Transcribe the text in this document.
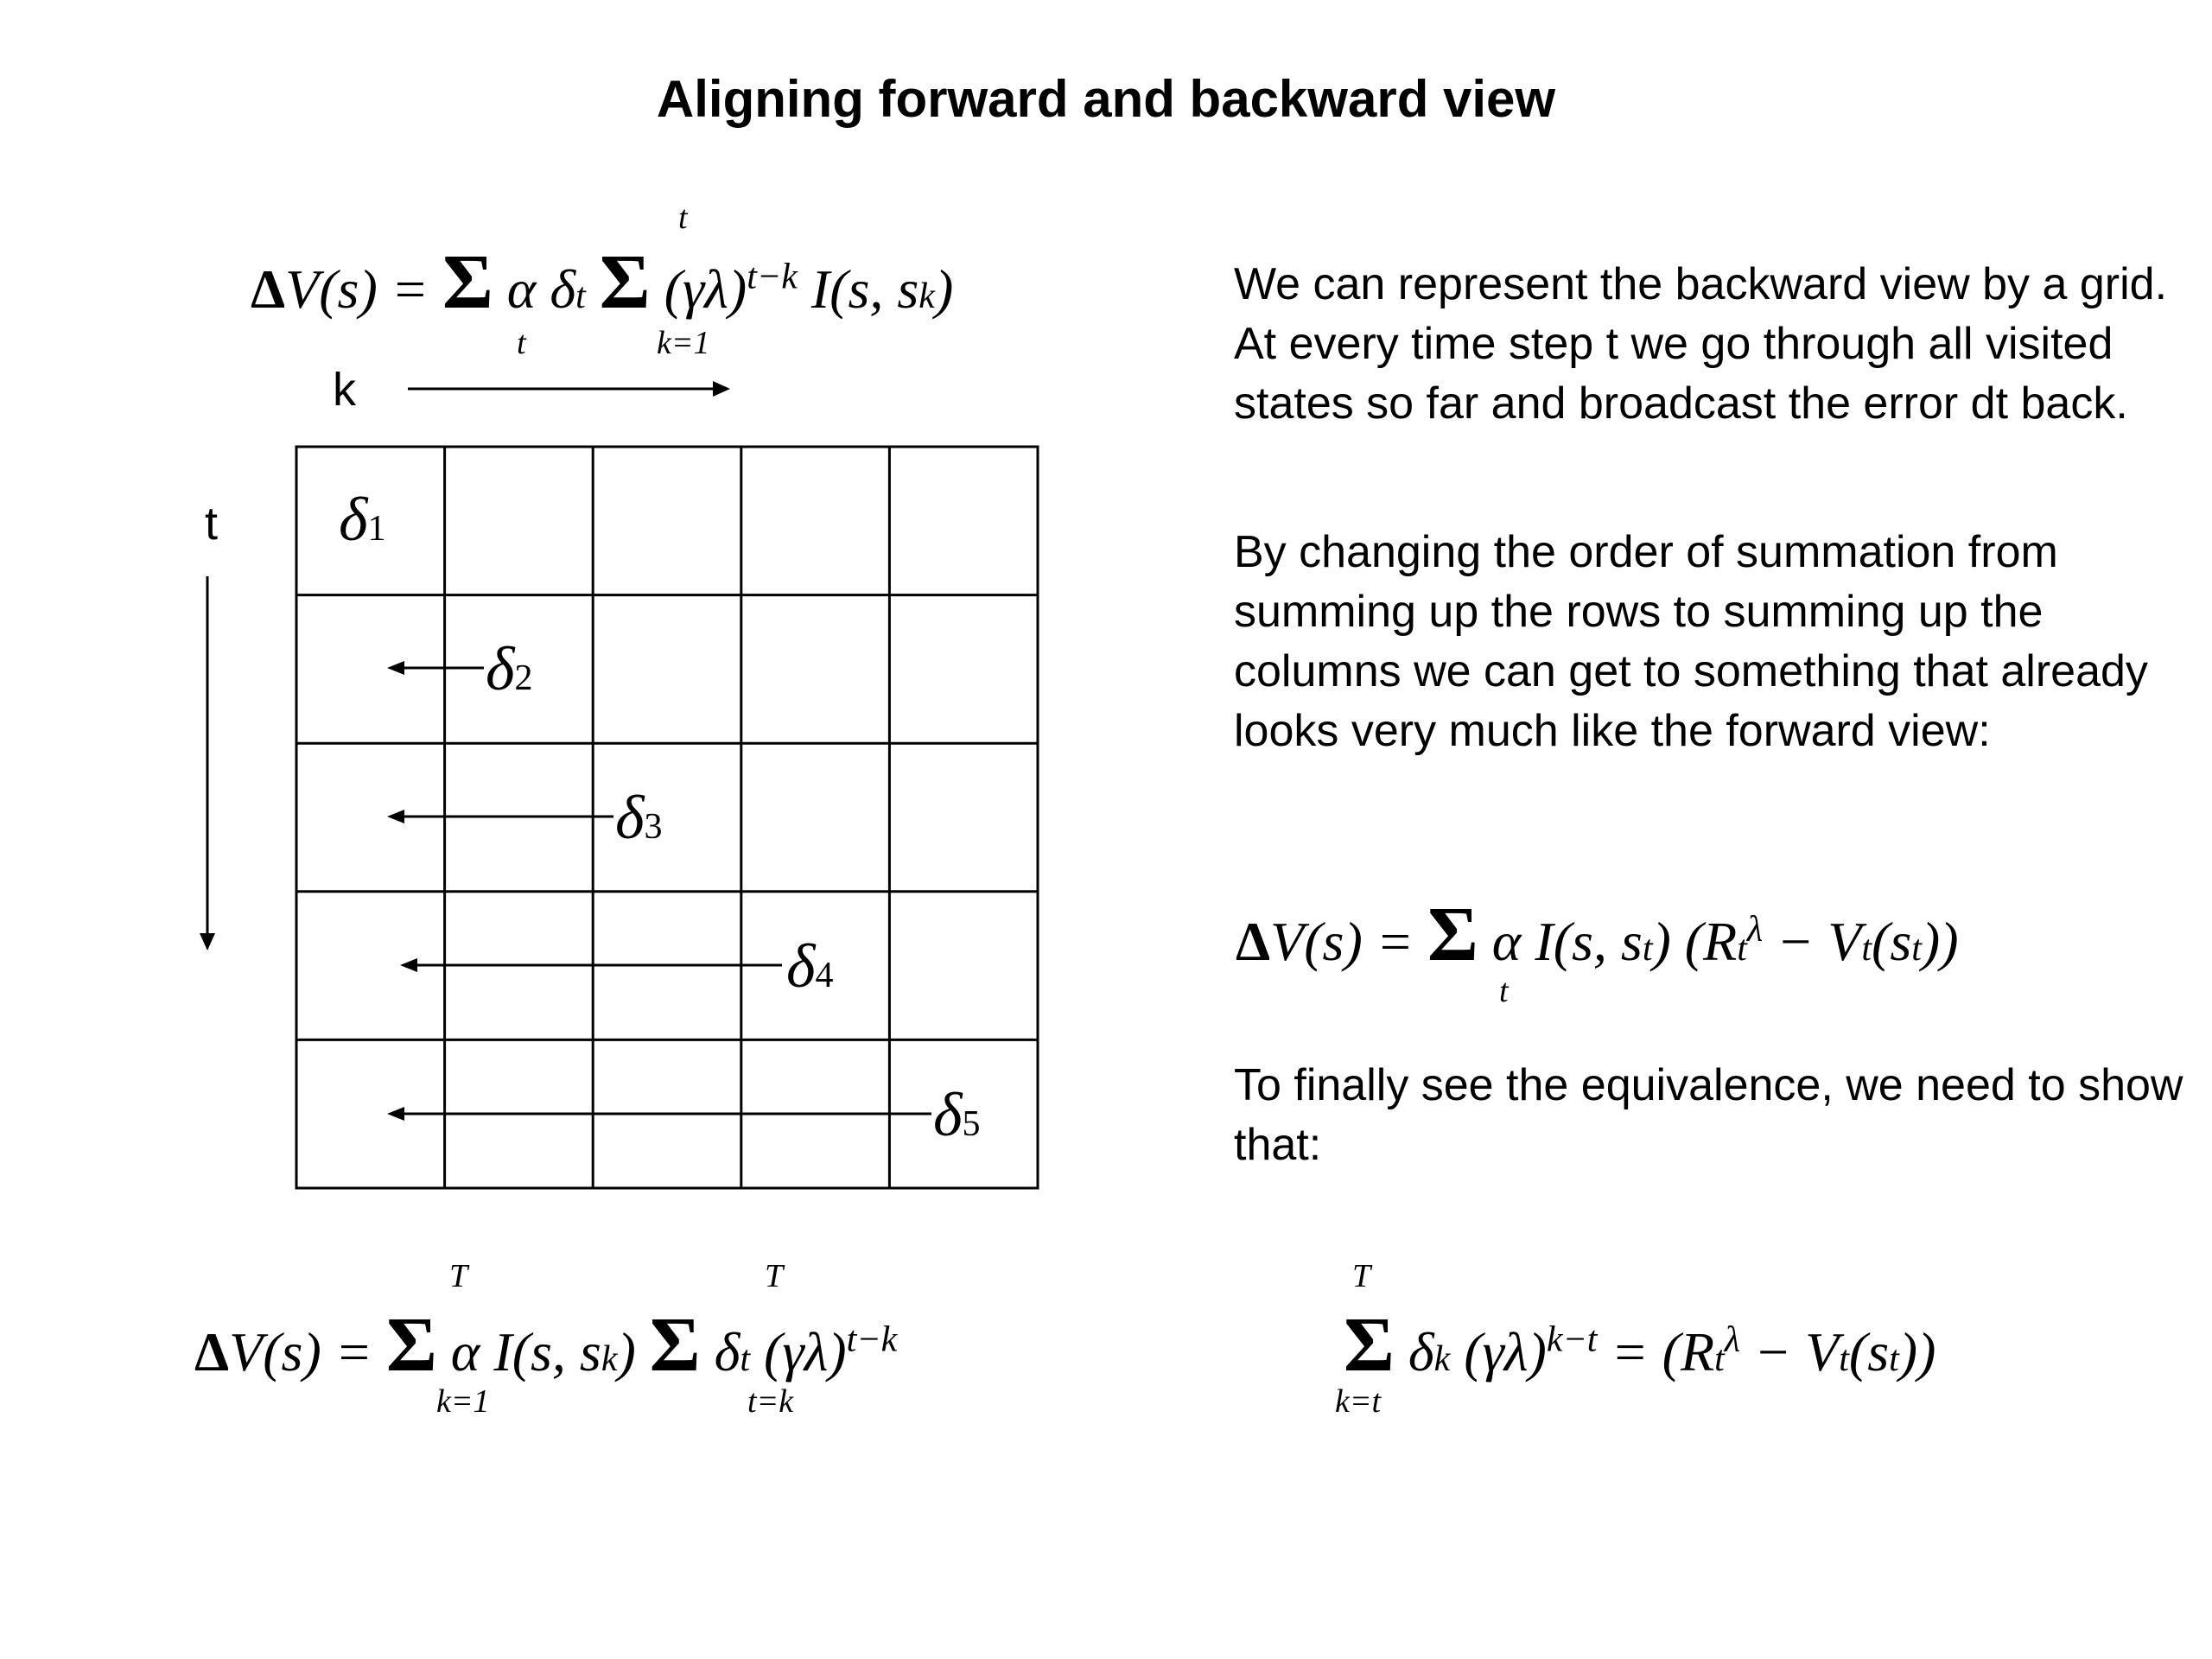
Aligning forward and backward view
ΔV(s) = Σ α δt Σ $(\gamma\lambda)^{t-k}$ I(s, sk)
t
t
k=1
k
t δ1
δ2
δ3
δ4
δ5
ΔV(s) = Σ α I(s, sk) Σ δt $(\gamma\lambda)^{t-k}$
T
k=1
T
t=k
We can represent the backward view by a grid. At every time step t we go through all visited states so far and broadcast the error dt back.
By changing the order of summation from summing up the rows to summing up the columns we can get to something that already looks very much like the forward view:
ΔV(s) = Σ α I(s, st) $(Rt^\lambda - Vt(st))$
t
To finally see the equivalence, we need to show that:
Σ δk $(\gamma\lambda)^{k-t} = (Rt^\lambda - Vt(st))$
T
k=t
